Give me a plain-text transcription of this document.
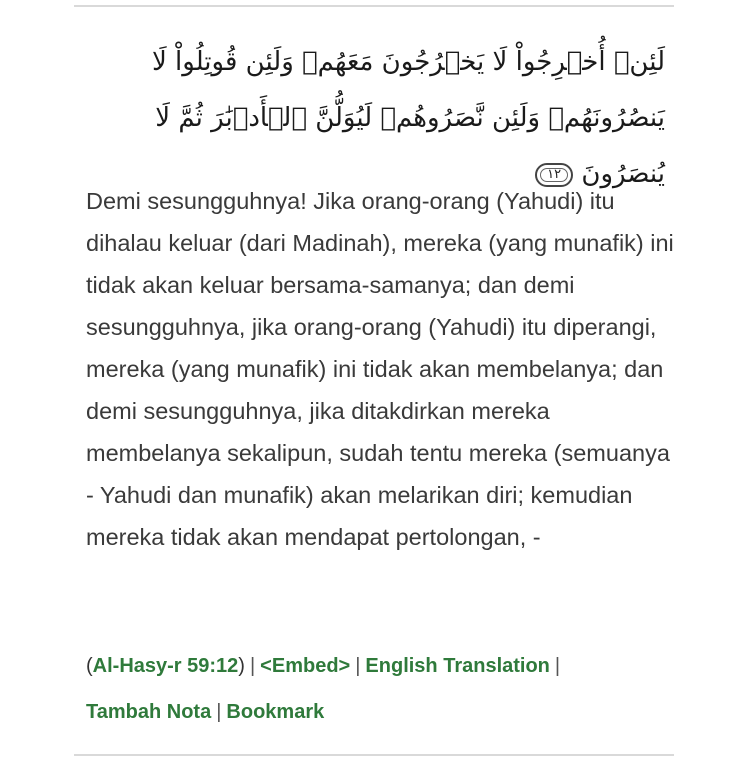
لَئِنۡ أُخۡرِجُواْ لَا يَخۡرُجُونَ مَعَهُمۡ وَلَئِن قُوتِلُواْ لَا يَنصُرُونَهُمۡ وَلَئِن نَّصَرُوهُمۡ لَيُوَلُّنَّ ٱلۡأَدۡبَٰرَ ثُمَّ لَا يُنصَرُونَ
١٢

Demi sesungguhnya! Jika orang-orang (Yahudi) itu dihalau keluar (dari Madinah), mereka (yang munafik) ini tidak akan keluar bersama-samanya; dan demi sesungguhnya, jika orang-orang (Yahudi) itu diperangi, mereka (yang munafik) ini tidak akan membelanya; dan demi sesungguhnya, jika ditakdirkan mereka membelanya sekalipun, sudah tentu mereka (semuanya - Yahudi dan munafik) akan melarikan diri; kemudian mereka tidak akan mendapat pertolongan, -

(Al-Hasy-r 59:12) | <Embed> | English Translation |
Tambah Nota | Bookmark
